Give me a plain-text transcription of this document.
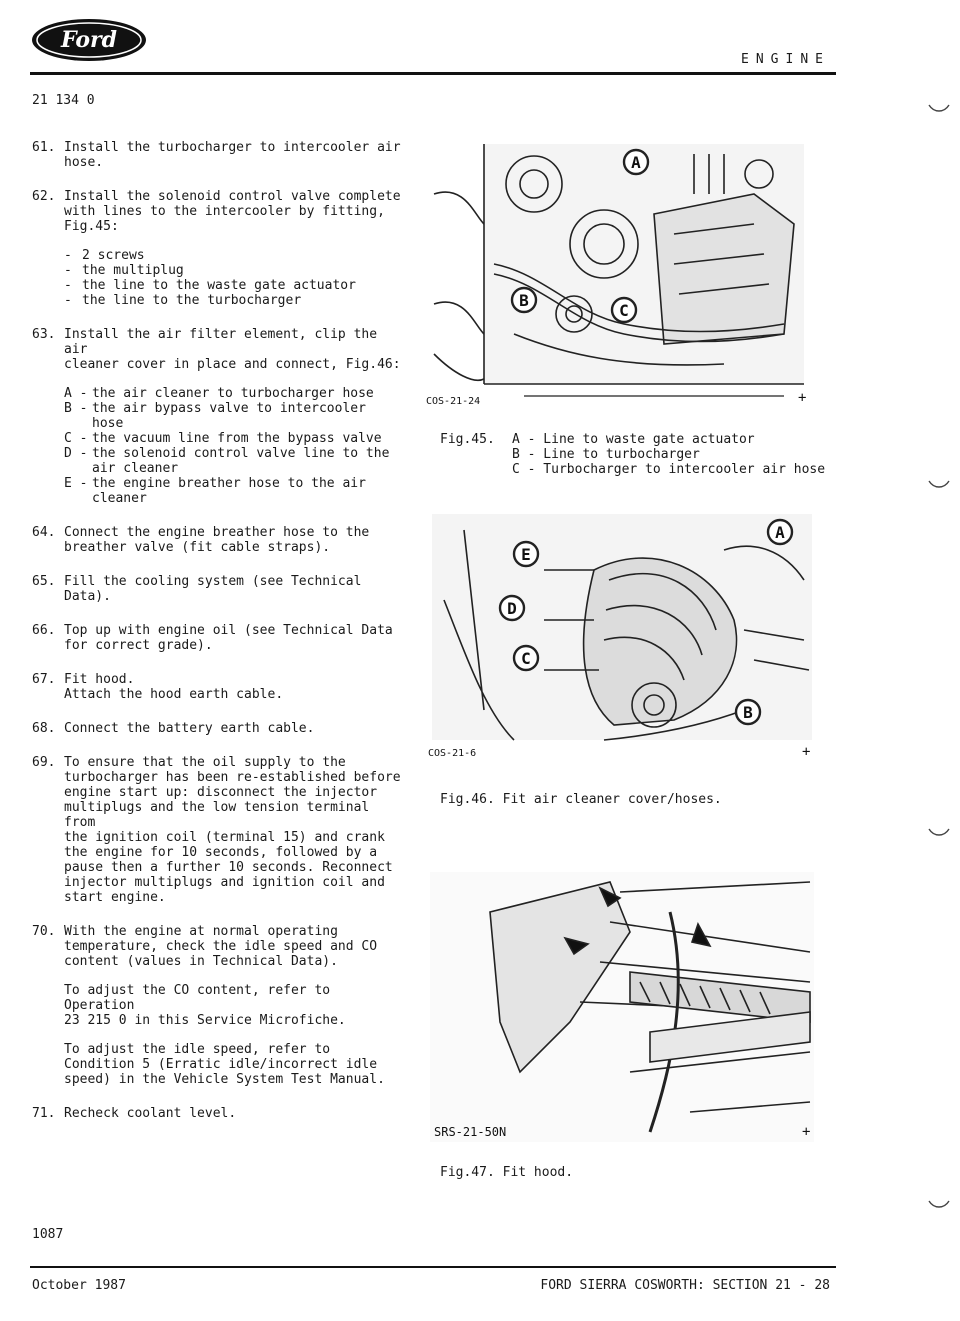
Ford
ENGINE
21 134 0
61. Install the turbocharger to intercooler air
hose.

62. Install the solenoid control valve complete
with lines to the intercooler by fitting,
Fig.45:

- 2 screws
- the multiplug
- the line to the waste gate actuator
- the line to the turbocharger
63. Install the air filter element, clip the air
cleaner cover in place and connect, Fig.46:

A - the air cleaner to turbocharger hose
B - the air bypass valve to intercooler
hose
C - the vacuum line from the bypass valve
D - the solenoid control valve line to the
air cleaner
E - the engine breather hose to the air
cleaner
64. Connect the engine breather hose to the
breather valve (fit cable straps).

65. Fill the cooling system (see Technical
Data).

66. Top up with engine oil (see Technical Data
for correct grade).

67. Fit hood.
Attach the hood earth cable.

68. Connect the battery earth cable.

69. To ensure that the oil supply to the
turbocharger has been re-established before
engine start up: disconnect the injector
multiplugs and the low tension terminal from
the ignition coil (terminal 15) and crank
the engine for 10 seconds, followed by a
pause then a further 10 seconds. Reconnect
injector multiplugs and ignition coil and
start engine.

70. With the engine at normal operating
temperature, check the idle speed and CO
content (values in Technical Data).

To adjust the CO content, refer to Operation
23 215 0 in this Service Microfiche.

To adjust the idle speed, refer to
Condition 5 (Erratic idle/incorrect idle
speed) in the Vehicle System Test Manual.

71. Recheck coolant level.

A
B
C
COS-21-24	+
Fig.45.	A - Line to waste gate actuator
B - Line to turbocharger
C - Turbocharger to intercooler air hose
E
D
C
A
B
COS-21-6	+
Fig.46. Fit air cleaner cover/hoses.
SRS-21-50N	+
Fig.47. Fit hood.
1087
October 1987	FORD SIERRA COSWORTH: SECTION 21 - 28
